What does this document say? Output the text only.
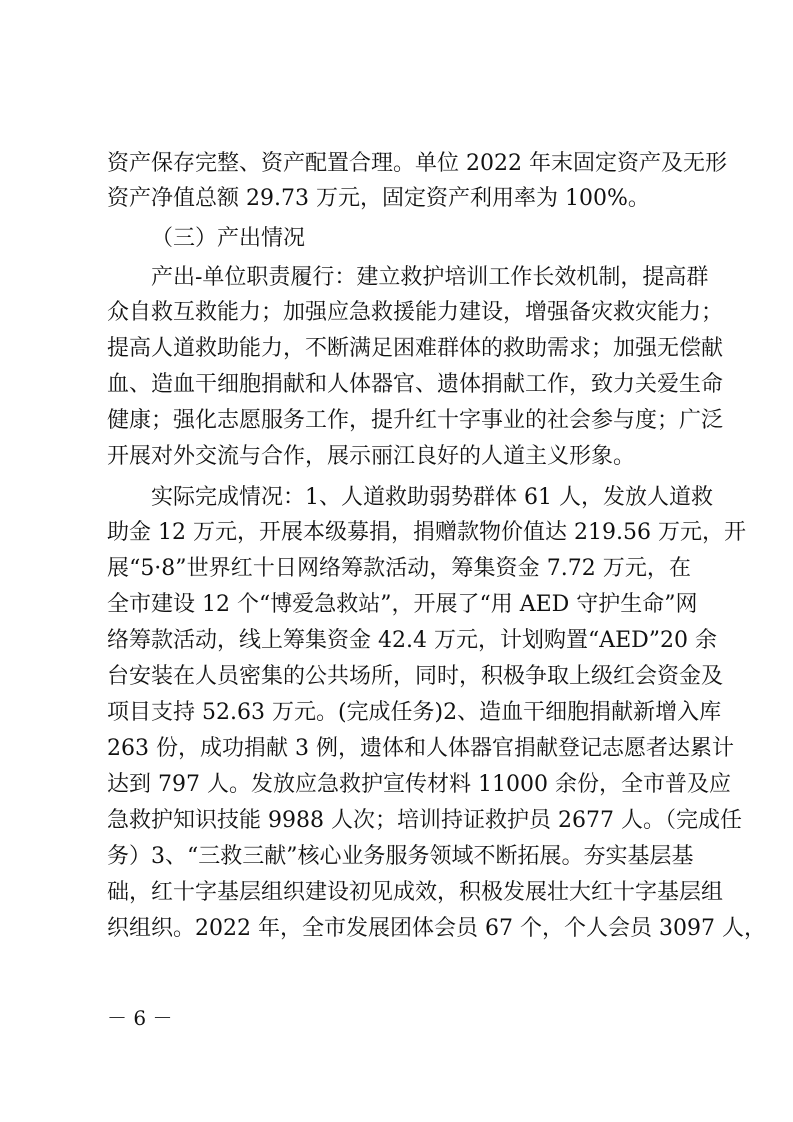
资产保存完整、资产配置合理。单位 2022 年末固定资产及无形
资产净值总额 29.73 万元，固定资产利用率为 100%。
（三）产出情况
产出-单位职责履行：建立救护培训工作长效机制，提高群
众自救互救能力；加强应急救援能力建设，增强备灾救灾能力；
提高人道救助能力，不断满足困难群体的救助需求；加强无偿献
血、造血干细胞捐献和人体器官、遗体捐献工作，致力关爱生命
健康；强化志愿服务工作，提升红十字事业的社会参与度；广泛
开展对外交流与合作，展示丽江良好的人道主义形象。
实际完成情况：1、人道救助弱势群体 61 人，发放人道救
助金 12 万元，开展本级募捐，捐赠款物价值达 219.56 万元，开
展“5·8”世界红十日网络筹款活动，筹集资金 7.72 万元，在
全市建设 12 个“博爱急救站”，开展了“用 AED 守护生命”网
络筹款活动，线上筹集资金 42.4 万元，计划购置“AED”20 余
台安装在人员密集的公共场所，同时，积极争取上级红会资金及
项目支持 52.63 万元。(完成任务)2、造血干细胞捐献新增入库
263 份，成功捐献 3 例，遗体和人体器官捐献登记志愿者达累计
达到 797 人。发放应急救护宣传材料 11000 余份，全市普及应
急救护知识技能 9988 人次；培训持证救护员 2677 人。（完成任
务）3、“三救三献”核心业务服务领域不断拓展。夯实基层基
础，红十字基层组织建设初见成效，积极发展壮大红十字基层组
织组织。2022 年，全市发展团体会员 67 个，个人会员 3097 人，
－ 6 －
